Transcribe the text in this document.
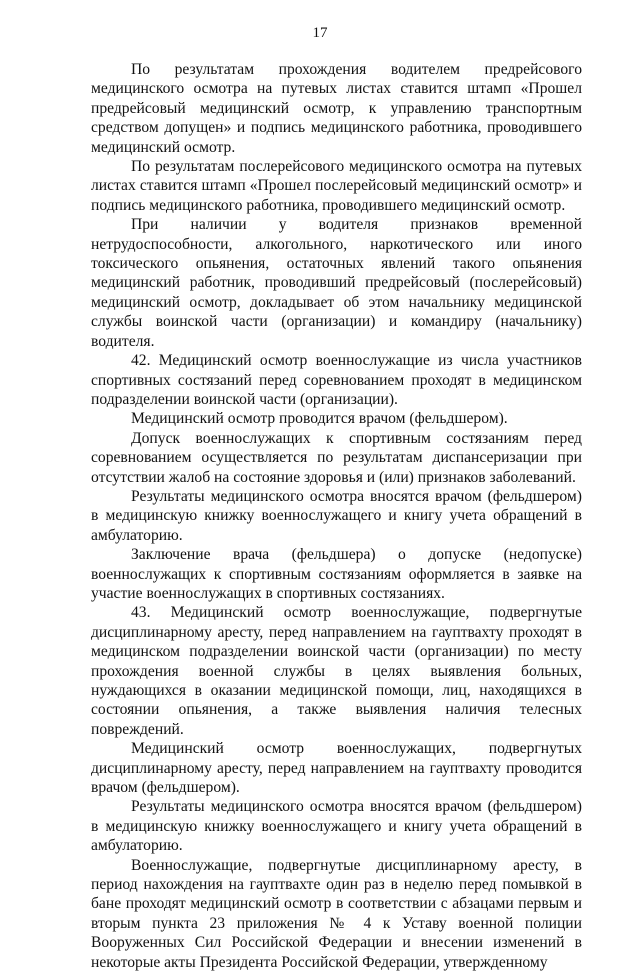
17

По результатам прохождения водителем предрейсового медицинского осмотра на путевых листах ставится штамп «Прошел предрейсовый медицинский осмотр, к управлению транспортным средством допущен» и подпись медицинского работника, проводившего медицинский осмотр.

По результатам послерейсового медицинского осмотра на путевых листах ставится штамп «Прошел послерейсовый медицинский осмотр» и подпись медицинского работника, проводившего медицинский осмотр.

При наличии у водителя признаков временной нетрудоспособности, алкогольного, наркотического или иного токсического опьянения, остаточных явлений такого опьянения медицинский работник, проводивший предрейсовый (послерейсовый) медицинский осмотр, докладывает об этом начальнику медицинской службы воинской части (организации) и командиру (начальнику) водителя.

42. Медицинский осмотр военнослужащие из числа участников спортивных состязаний перед соревнованием проходят в медицинском подразделении воинской части (организации).

Медицинский осмотр проводится врачом (фельдшером).

Допуск военнослужащих к спортивным состязаниям перед соревнованием осуществляется по результатам диспансеризации при отсутствии жалоб на состояние здоровья и (или) признаков заболеваний.

Результаты медицинского осмотра вносятся врачом (фельдшером) в медицинскую книжку военнослужащего и книгу учета обращений в амбулаторию.

Заключение врача (фельдшера) о допуске (недопуске) военнослужащих к спортивным состязаниям оформляется в заявке на участие военнослужащих в спортивных состязаниях.

43. Медицинский осмотр военнослужащие, подвергнутые дисциплинарному аресту, перед направлением на гауптвахту проходят в медицинском подразделении воинской части (организации) по месту прохождения военной службы в целях выявления больных, нуждающихся в оказании медицинской помощи, лиц, находящихся в состоянии опьянения, а также выявления наличия телесных повреждений.

Медицинский осмотр военнослужащих, подвергнутых дисциплинарному аресту, перед направлением на гауптвахту проводится врачом (фельдшером).

Результаты медицинского осмотра вносятся врачом (фельдшером) в медицинскую книжку военнослужащего и книгу учета обращений в амбулаторию.

Военнослужащие, подвергнутые дисциплинарному аресту, в период нахождения на гауптвахте один раз в неделю перед помывкой в бане проходят медицинский осмотр в соответствии с абзацами первым и вторым пункта 23 приложения № 4 к Уставу военной полиции Вооруженных Сил Российской Федерации и внесении изменений в некоторые акты Президента Российской Федерации, утвержденному
